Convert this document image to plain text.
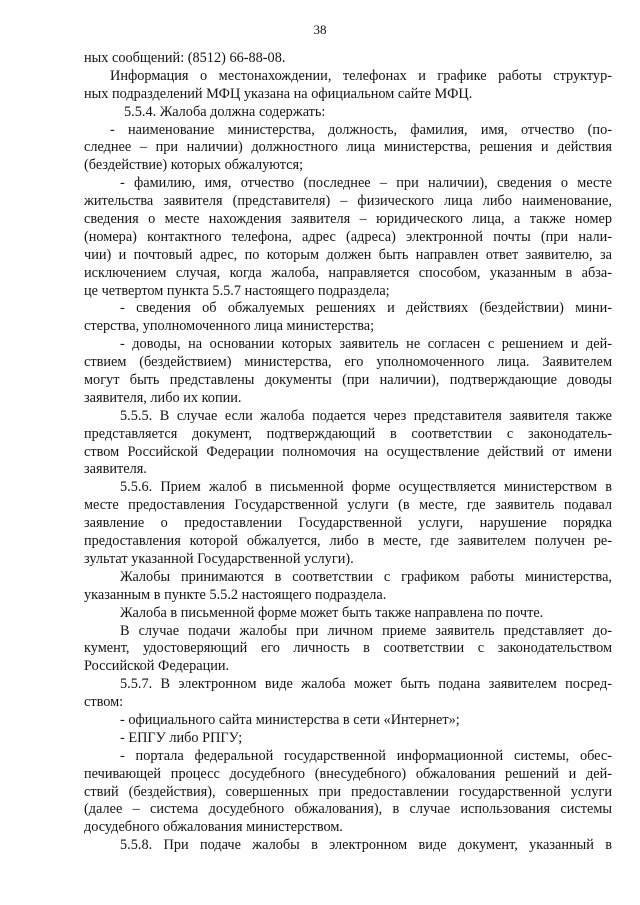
38
ных сообщений: (8512) 66-88-08.
Информация о местонахождении, телефонах и графике работы структур-
ных подразделений МФЦ указана на официальном сайте МФЦ.
5.5.4. Жалоба должна содержать:
- наименование министерства, должность, фамилия, имя, отчество (по-
следнее – при наличии) должностного лица министерства, решения и действия
(бездействие) которых обжалуются;
- фамилию, имя, отчество (последнее – при наличии), сведения о месте
жительства заявителя (представителя) – физического лица либо наименование,
сведения о месте нахождения заявителя – юридического лица, а также номер
(номера) контактного телефона, адрес (адреса) электронной почты (при нали-
чии) и почтовый адрес, по которым должен быть направлен ответ заявителю, за
исключением случая, когда жалоба, направляется способом, указанным в абза-
це четвертом пункта 5.5.7 настоящего подраздела;
- сведения об обжалуемых решениях и действиях (бездействии) мини-
стерства, уполномоченного лица министерства;
- доводы, на основании которых заявитель не согласен с решением и дей-
ствием (бездействием) министерства, его уполномоченного лица. Заявителем
могут быть представлены документы (при наличии), подтверждающие доводы
заявителя, либо их копии.
5.5.5. В случае если жалоба подается через представителя заявителя также
представляется документ, подтверждающий в соответствии с законодатель-
ством Российской Федерации полномочия на осуществление действий от имени
заявителя.
5.5.6. Прием жалоб в письменной форме осуществляется министерством в
месте предоставления Государственной услуги (в месте, где заявитель подавал
заявление о предоставлении Государственной услуги, нарушение порядка
предоставления которой обжалуется, либо в месте, где заявителем получен ре-
зультат указанной Государственной услуги).
Жалобы принимаются в соответствии с графиком работы министерства,
указанным в пункте 5.5.2 настоящего подраздела.
Жалоба в письменной форме может быть также направлена по почте.
В случае подачи жалобы при личном приеме заявитель представляет до-
кумент, удостоверяющий его личность в соответствии с законодательством
Российской Федерации.
5.5.7. В электронном виде жалоба может быть подана заявителем посред-
ством:
- официального сайта министерства в сети «Интернет»;
- ЕПГУ либо РПГУ;
- портала федеральной государственной информационной системы, обес-
печивающей процесс досудебного (внесудебного) обжалования решений и дей-
ствий (бездействия), совершенных при предоставлении государственной услуги
(далее – система досудебного обжалования), в случае использования системы
досудебного обжалования министерством.
5.5.8. При подаче жалобы в электронном виде документ, указанный в
